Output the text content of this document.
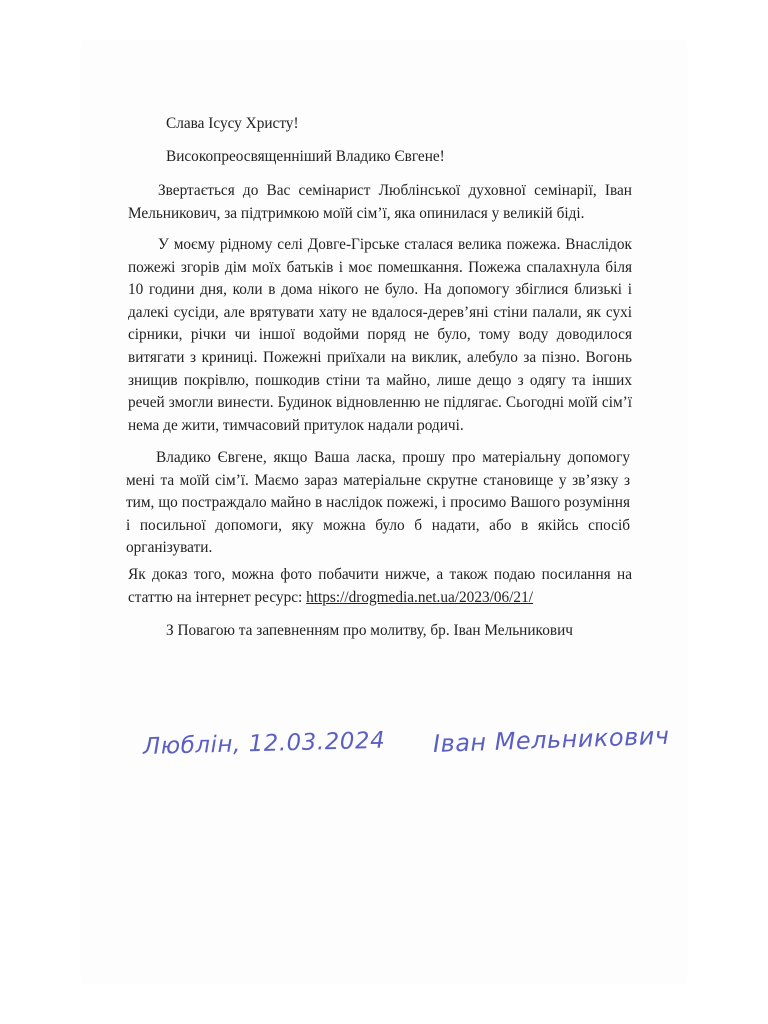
Слава Ісусу Христу!

Високопреосвященніший Владико Євгене!

Звертається до Вас семінарист Люблінської духовної семінарії, Іван Мельникович, за підтримкою моїй сім’ї, яка опинилася у великій біді.

У моєму рідному селі Довге-Гірське сталася велика пожежа. Внаслідок пожежі згорів дім моїх батьків і моє помешкання. Пожежа спалахнула біля 10 години дня, коли в дома нікого не було. На допомогу збіглися близькі і далекі сусіди, але врятувати хату не вдалося-дерев’яні стіни палали, як сухі сірники, річки чи іншої водойми поряд не було, тому воду доводилося витягати з криниці. Пожежні приїхали на виклик, алебуло за пізно. Вогонь знищив покрівлю, пошкодив стіни та майно, лише дещо з одягу та інших речей змогли винести. Будинок відновленню не підлягає. Сьогодні моїй сім’ї нема де жити, тимчасовий притулок надали родичі.

Владико Євгене, якщо Ваша ласка, прошу про матеріальну допомогу мені та моїй сім’ї. Маємо зараз матеріальне скрутне становище у зв’язку з тим, що постраждало майно в наслідок пожежі, і просимо Вашого розуміння і посильної допомоги, яку можна було б надати, або в якійсь спосіб організувати.

Як доказ того, можна фото побачити нижче, а також подаю посилання на статтю на інтернет ресурс: https://drogmedia.net.ua/2023/06/21/

З Повагою та запевненням про молитву, бр. Іван Мельникович

Люблін, 12.03.2024 Іван Мельникович
